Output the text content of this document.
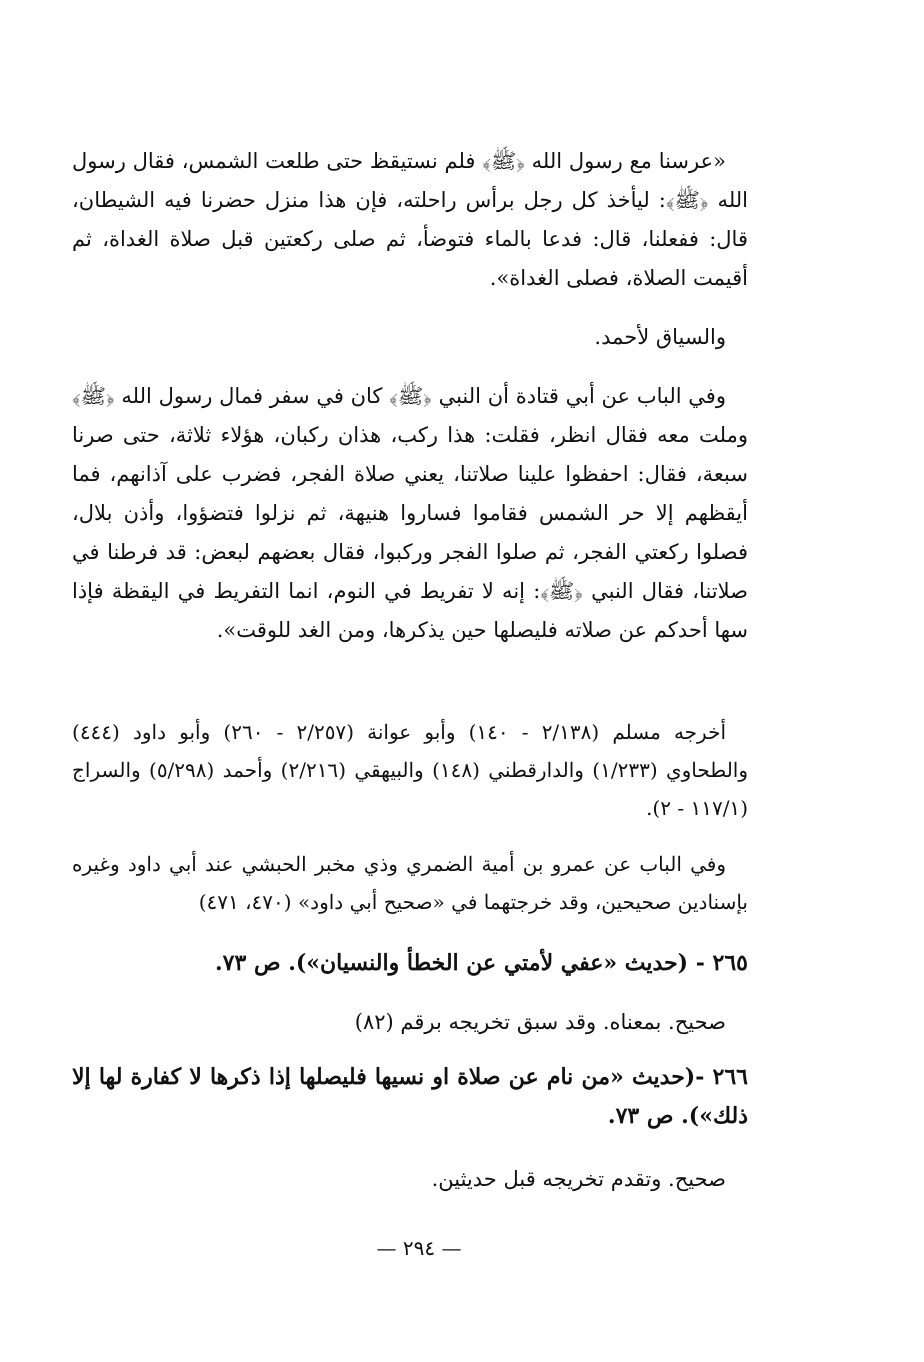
«عرسنا مع رسول الله ﴿ﷺ﴾ فلم نستيقظ حتى طلعت الشمس، فقال رسول الله ﴿ﷺ﴾: ليأخذ كل رجل برأس راحلته، فإن هذا منزل حضرنا فيه الشيطان، قال: ففعلنا، قال: فدعا بالماء فتوضأ، ثم صلى ركعتين قبل صلاة الغداة، ثم أقيمت الصلاة، فصلى الغداة».

والسياق لأحمد.

وفي الباب عن أبي قتادة أن النبي ﴿ﷺ﴾ كان في سفر فمال رسول الله ﴿ﷺ﴾ وملت معه فقال انظر، فقلت: هذا ركب، هذان ركبان، هؤلاء ثلاثة، حتى صرنا سبعة، فقال: احفظوا علينا صلاتنا، يعني صلاة الفجر، فضرب على آذانهم، فما أيقظهم إلا حر الشمس فقاموا فساروا هنيهة، ثم نزلوا فتضؤوا، وأذن بلال، فصلوا ركعتي الفجر، ثم صلوا الفجر وركبوا، فقال بعضهم لبعض: قد فرطنا في صلاتنا، فقال النبي ﴿ﷺ﴾: إنه لا تفريط في النوم، انما التفريط في اليقظة فإذا سها أحدكم عن صلاته فليصلها حين يذكرها، ومن الغد للوقت».

أخرجه مسلم (٢/١٣٨ - ١٤٠) وأبو عوانة (٢/٢٥٧ - ٢٦٠) وأبو داود (٤٤٤) والطحاوي (١/٢٣٣) والدارقطني (١٤٨) والبيهقي (٢/٢١٦) وأحمد (٥/٢٩٨) والسراج (١١٧/١ - ٢).

وفي الباب عن عمرو بن أمية الضمري وذي مخبر الحبشي عند أبي داود وغيره بإسنادين صحيحين، وقد خرجتهما في «صحيح أبي داود» (٤٧٠، ٤٧١)

٢٦٥ - (حديث «عفي لأمتي عن الخطأ والنسيان»). ص ٧٣.

صحيح. بمعناه. وقد سبق تخريجه برقم (٨٢)

٢٦٦ -(حديث «من نام عن صلاة او نسيها فليصلها إذا ذكرها لا كفارة لها إلا ذلك»). ص ٧٣.

صحيح. وتقدم تخريجه قبل حديثين.

— ٢٩٤ —
